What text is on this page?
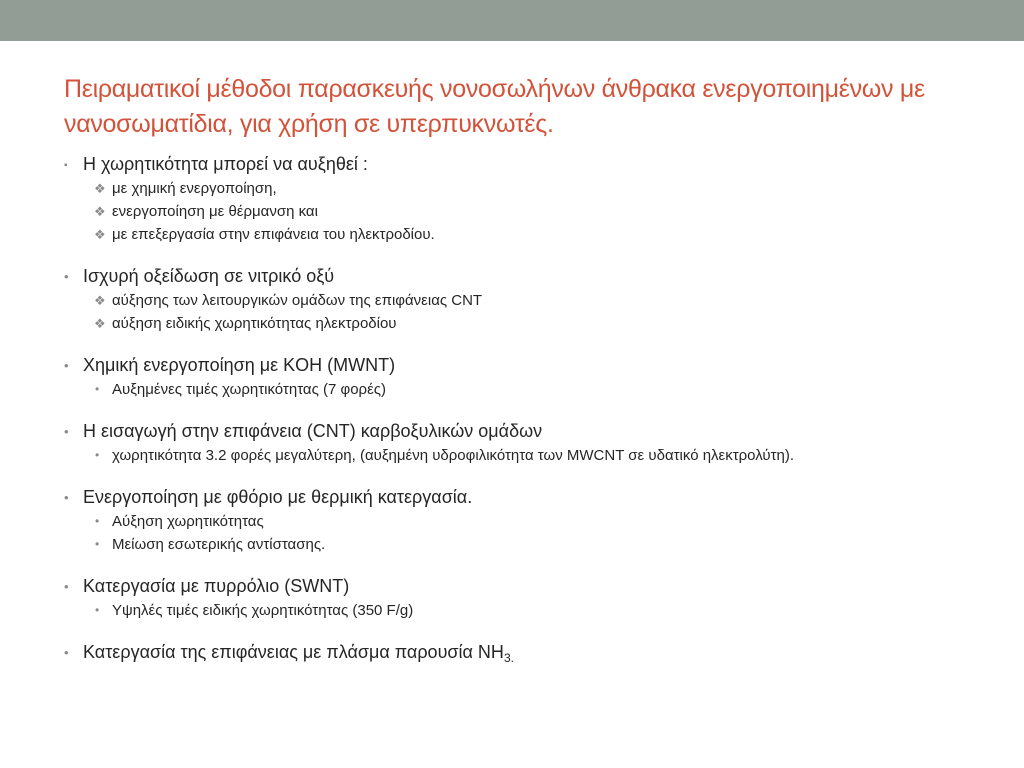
Πειραματικοί μέθοδοι παρασκευής νονοσωλήνων άνθρακα ενεργοποιημένων με νανοσωματίδια, για χρήση σε υπερπυκνωτές.
▪ Η χωρητικότητα μπορεί να αυξηθεί :
❖ με χημική ενεργοποίηση,
❖ ενεργοποίηση με θέρμανση και
❖ με επεξεργασία στην επιφάνεια του ηλεκτροδίου.
• Ισχυρή οξείδωση σε νιτρικό οξύ
❖ αύξησης των λειτουργικών ομάδων της επιφάνειας CNT
❖ αύξηση ειδικής χωρητικότητας ηλεκτροδίου
• Χημική ενεργοποίηση με KOH (MWNT)
• Αυξημένες τιμές χωρητικότητας (7 φορές)
• Η εισαγωγή στην επιφάνεια (CNT) καρβοξυλικών ομάδων
• χωρητικότητα 3.2 φορές μεγαλύτερη, (αυξημένη υδροφιλικότητα των MWCNT σε υδατικό ηλεκτρολύτη).
• Ενεργοποίηση με φθόριο με θερμική κατεργασία.
• Αύξηση χωρητικότητας
• Μείωση εσωτερικής αντίστασης.
• Κατεργασία με πυρρόλιο (SWNT)
• Υψηλές τιμές ειδικής χωρητικότητας (350 F/g)
• Κατεργασία της επιφάνειας με πλάσμα παρουσία $NH_{3.}$
